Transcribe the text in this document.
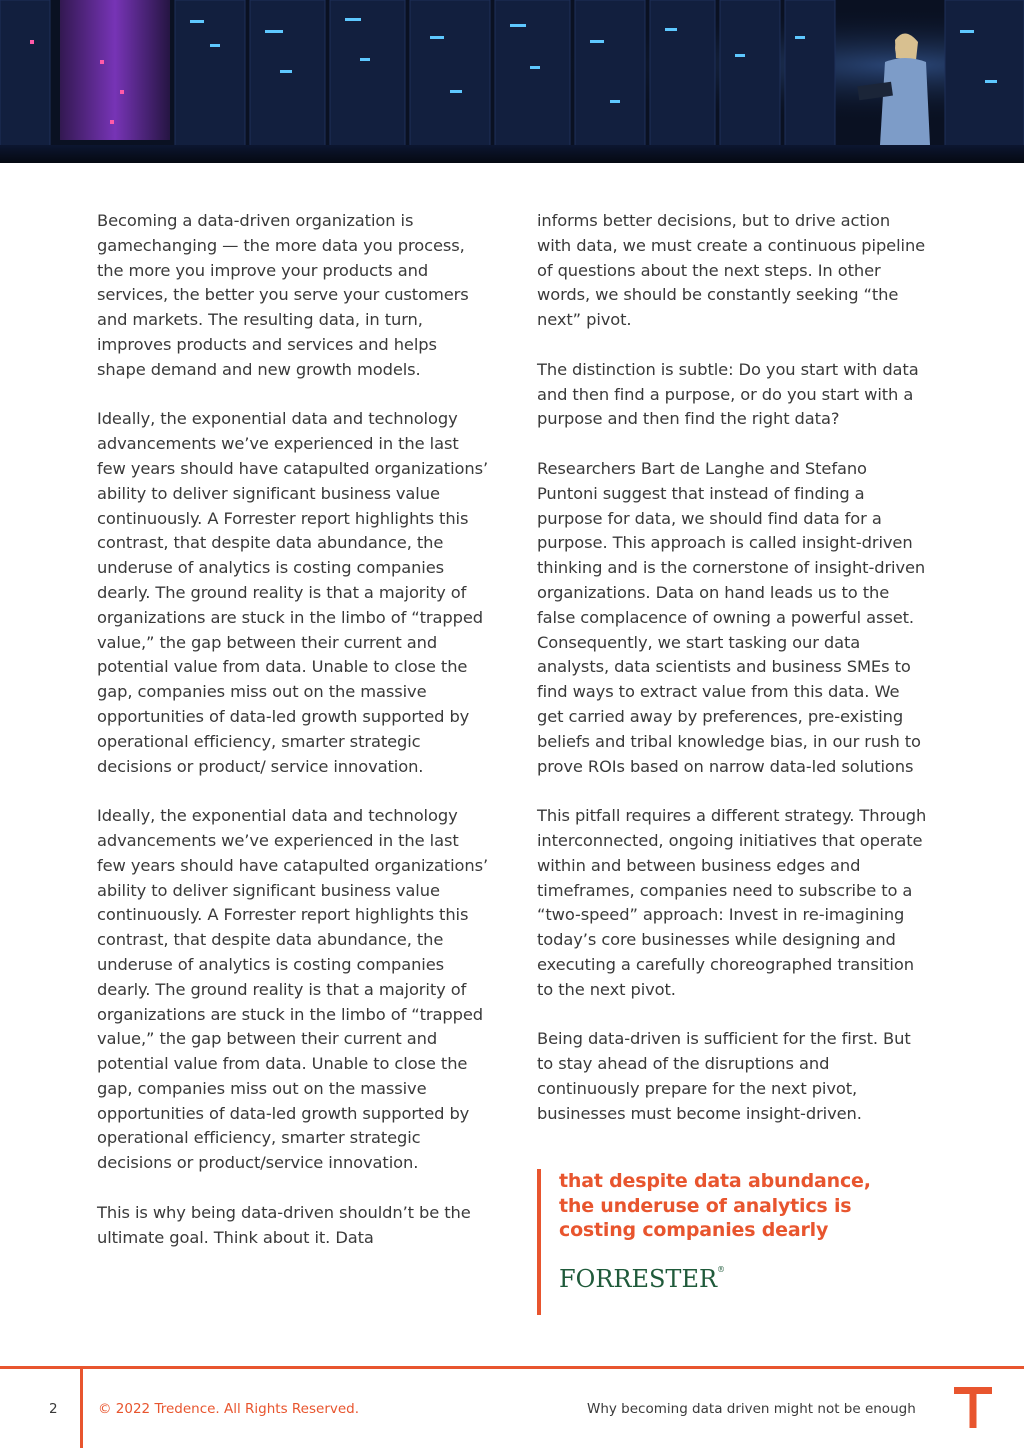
Becoming a data-driven organization is gamechanging — the more data you process, the more you improve your products and services, the better you serve your customers and markets. The resulting data, in turn, improves products and services and helps shape demand and new growth models.

Ideally, the exponential data and technology advancements we’ve experienced in the last few years should have catapulted organizations’ ability to deliver significant business value continuously. A Forrester report highlights this contrast, that despite data abundance, the underuse of analytics is costing companies dearly. The ground reality is that a majority of organizations are stuck in the limbo of “trapped value,” the gap between their current and potential value from data. Unable to close the gap, companies miss out on the massive opportunities of data-led growth supported by operational efficiency, smarter strategic decisions or product/ service innovation.

Ideally, the exponential data and technology advancements we’ve experienced in the last few years should have catapulted organizations’ ability to deliver significant business value continuously. A Forrester report highlights this contrast, that despite data abundance, the underuse of analytics is costing companies dearly. The ground reality is that a majority of organizations are stuck in the limbo of “trapped value,” the gap between their current and potential value from data. Unable to close the gap, companies miss out on the massive opportunities of data-led growth supported by operational efficiency, smarter strategic decisions or product/service innovation.

This is why being data-driven shouldn’t be the ultimate goal. Think about it. Data

informs better decisions, but to drive action with data, we must create a continuous pipeline of questions about the next steps. In other words, we should be constantly seeking “the next” pivot.

The distinction is subtle: Do you start with data and then find a purpose, or do you start with a purpose and then find the right data?

Researchers Bart de Langhe and Stefano Puntoni suggest that instead of finding a purpose for data, we should find data for a purpose. This approach is called insight-driven thinking and is the cornerstone of insight-driven organizations. Data on hand leads us to the false complacence of owning a powerful asset. Consequently, we start tasking our data analysts, data scientists and business SMEs to find ways to extract value from this data. We get carried away by preferences, pre-existing beliefs and tribal knowledge bias, in our rush to prove ROIs based on narrow data-led solutions

This pitfall requires a different strategy. Through interconnected, ongoing initiatives that operate within and between business edges and timeframes, companies need to subscribe to a “two-speed” approach: Invest in re-imagining today’s core businesses while designing and executing a carefully choreographed transition to the next pivot.

Being data-driven is sufficient for the first. But to stay ahead of the disruptions and continuously prepare for the next pivot, businesses must become insight-driven.

that despite data abundance, the underuse of analytics is costing companies dearly

FORRESTER®
2	© 2022 Tredence. All Rights Reserved.	Why becoming data driven might not be enough
